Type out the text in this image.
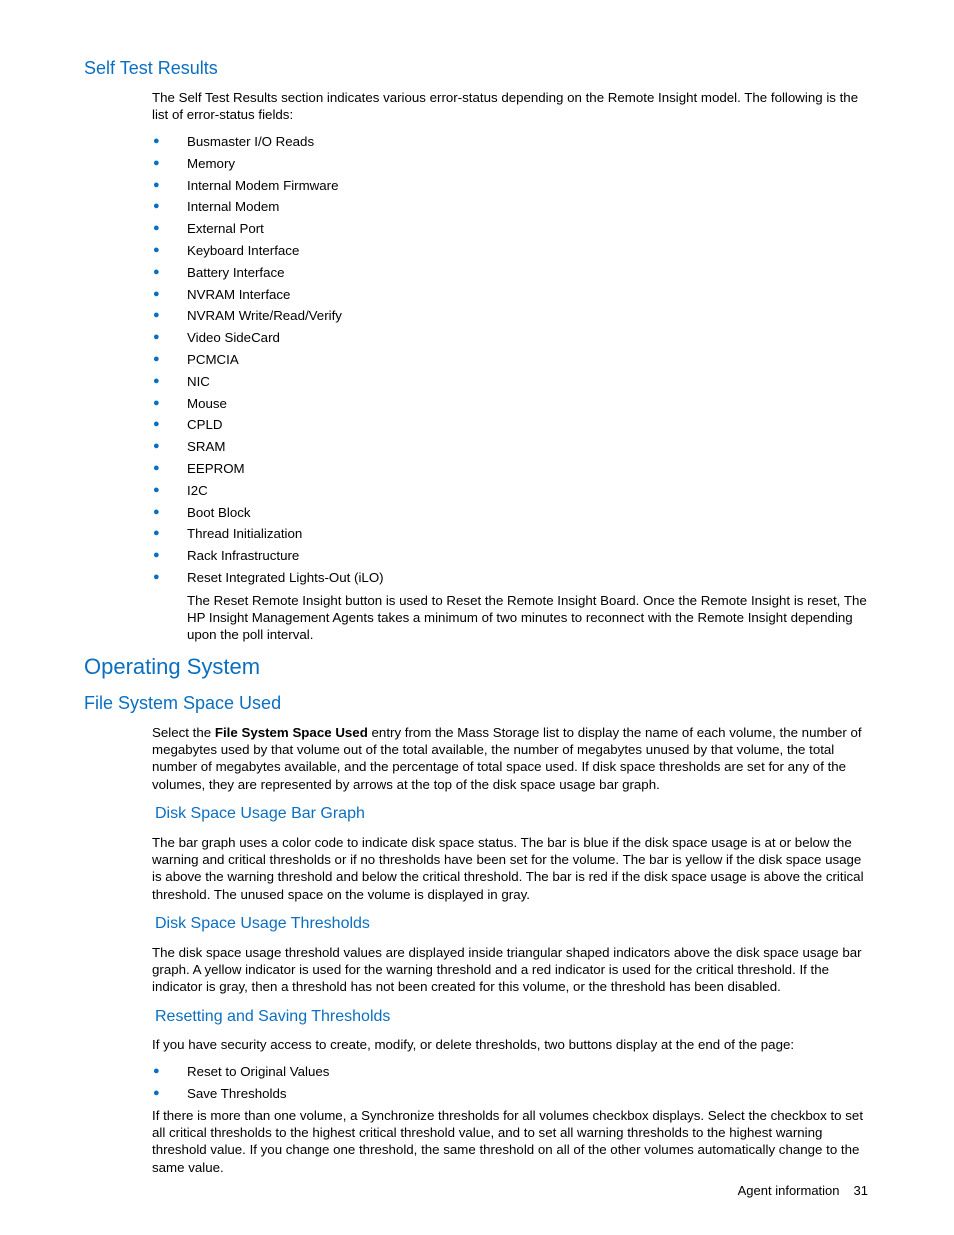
Self Test Results

The Self Test Results section indicates various error-status depending on the Remote Insight model. The following is the list of error-status fields:

● Busmaster I/O Reads
● Memory
● Internal Modem Firmware
● Internal Modem
● External Port
● Keyboard Interface
● Battery Interface
● NVRAM Interface
● NVRAM Write/Read/Verify
● Video SideCard
● PCMCIA
● NIC
● Mouse
● CPLD
● SRAM
● EEPROM
● I2C
● Boot Block
● Thread Initialization
● Rack Infrastructure
● Reset Integrated Lights-Out (iLO)

The Reset Remote Insight button is used to Reset the Remote Insight Board. Once the Remote Insight is reset, The HP Insight Management Agents takes a minimum of two minutes to reconnect with the Remote Insight depending upon the poll interval.

Operating System
File System Space Used

Select the File System Space Used entry from the Mass Storage list to display the name of each volume, the number of megabytes used by that volume out of the total available, the number of megabytes unused by that volume, the total number of megabytes available, and the percentage of total space used. If disk space thresholds are set for any of the volumes, they are represented by arrows at the top of the disk space usage bar graph.

Disk Space Usage Bar Graph

The bar graph uses a color code to indicate disk space status. The bar is blue if the disk space usage is at or below the warning and critical thresholds or if no thresholds have been set for the volume. The bar is yellow if the disk space usage is above the warning threshold and below the critical threshold. The bar is red if the disk space usage is above the critical threshold. The unused space on the volume is displayed in gray.

Disk Space Usage Thresholds

The disk space usage threshold values are displayed inside triangular shaped indicators above the disk space usage bar graph. A yellow indicator is used for the warning threshold and a red indicator is used for the critical threshold. If the indicator is gray, then a threshold has not been created for this volume, or the threshold has been disabled.

Resetting and Saving Thresholds

If you have security access to create, modify, or delete thresholds, two buttons display at the end of the page:

● Reset to Original Values
● Save Thresholds

If there is more than one volume, a Synchronize thresholds for all volumes checkbox displays. Select the checkbox to set all critical thresholds to the highest critical threshold value, and to set all warning thresholds to the highest warning threshold value. If you change one threshold, the same threshold on all of the other volumes automatically change to the same value.

Agent information 31
